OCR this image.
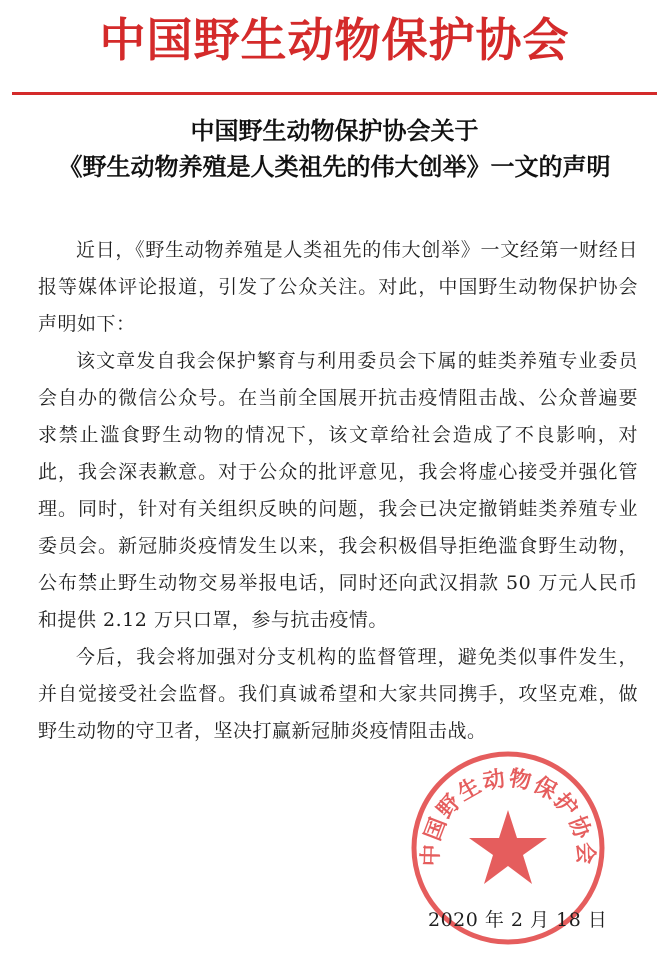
中国野生动物保护协会
中国野生动物保护协会关于
《野生动物养殖是人类祖先的伟大创举》一文的声明

近日，《野生动物养殖是人类祖先的伟大创举》一文经第一财经日报等媒体评论报道，引发了公众关注。对此，中国野生动物保护协会声明如下：

该文章发自我会保护繁育与利用委员会下属的蛙类养殖专业委员会自办的微信公众号。在当前全国展开抗击疫情阻击战、公众普遍要求禁止滥食野生动物的情况下，该文章给社会造成了不良影响，对此，我会深表歉意。对于公众的批评意见，我会将虚心接受并强化管理。同时，针对有关组织反映的问题，我会已决定撤销蛙类养殖专业委员会。新冠肺炎疫情发生以来，我会积极倡导拒绝滥食野生动物，公布禁止野生动物交易举报电话，同时还向武汉捐款 50 万元人民币和提供 2.12 万只口罩，参与抗击疫情。

今后，我会将加强对分支机构的监督管理，避免类似事件发生，并自觉接受社会监督。我们真诚希望和大家共同携手，攻坚克难，做野生动物的守卫者，坚决打赢新冠肺炎疫情阻击战。

中国野生动物保护协会
2020 年 2 月 18 日
